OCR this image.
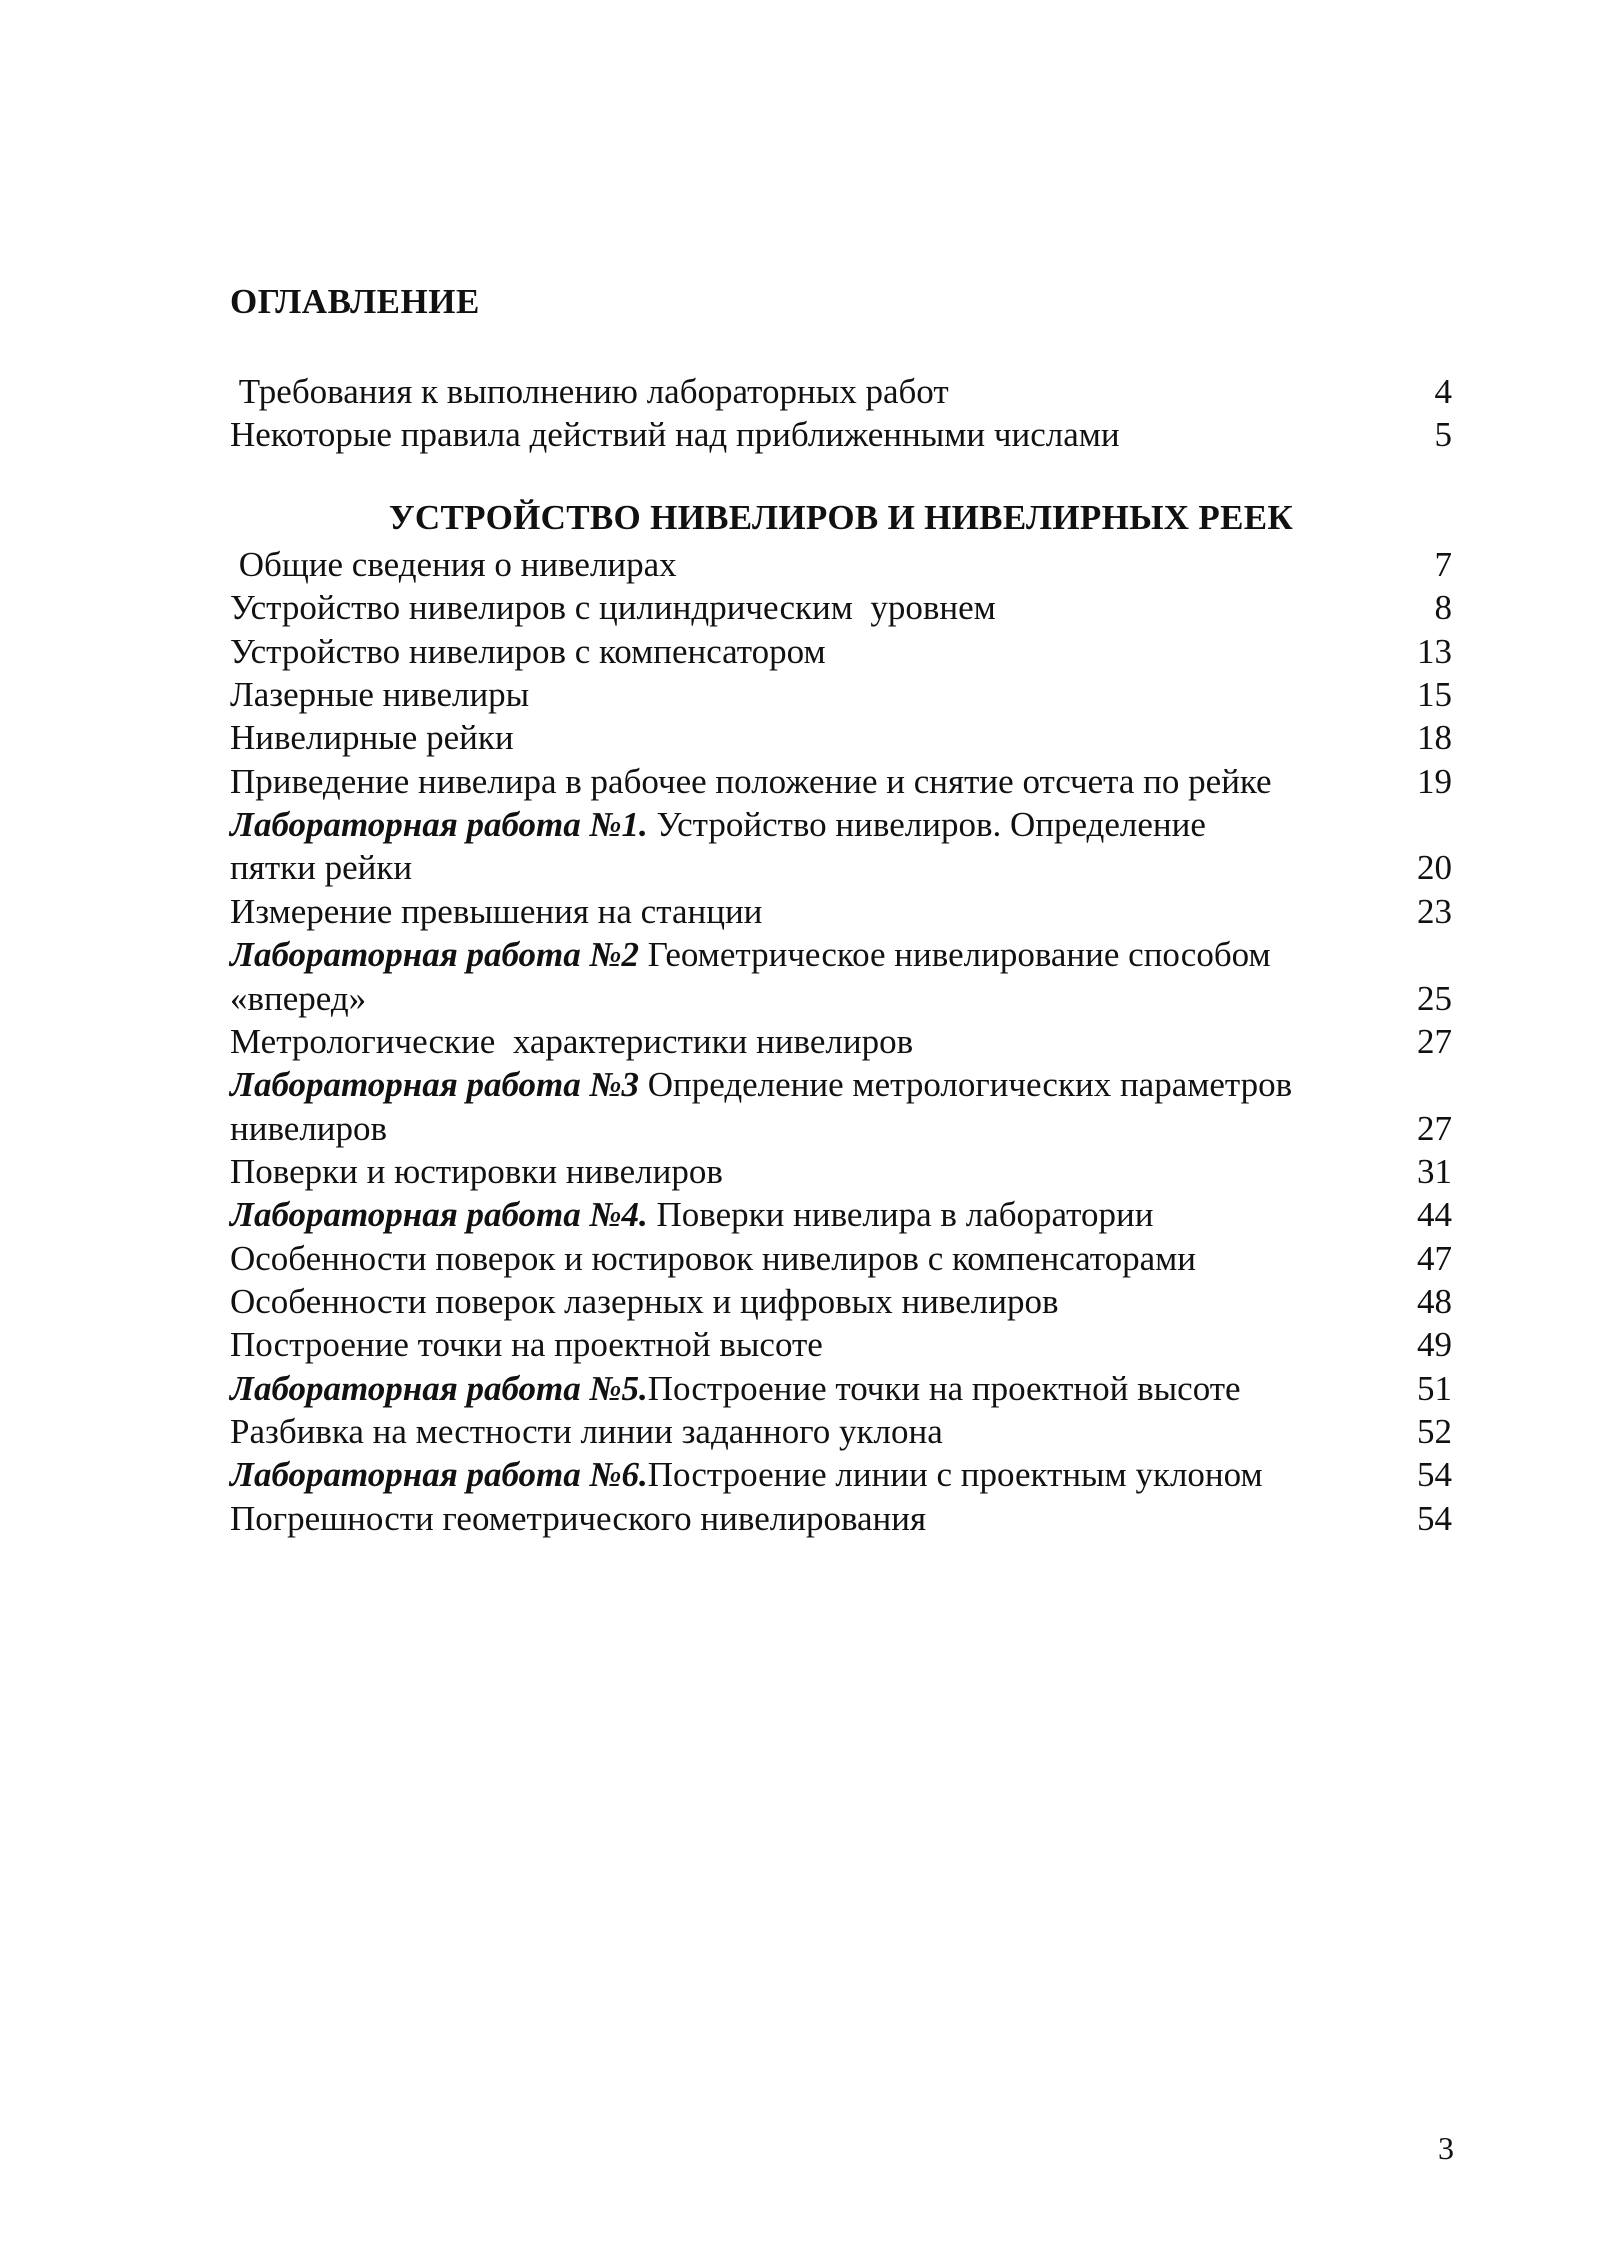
ОГЛАВЛЕНИЕ
УСТРОЙСТВО НИВЕЛИРОВ И НИВЕЛИРНЫХ РЕЕК
Требования к выполнению лабораторных работ	4
Некоторые правила действий над приближенными числами	5
Общие сведения о нивелирах	7
Устройство нивелиров с цилиндрическим  уровнем	8
Устройство нивелиров с компенсатором	13
Лазерные нивелиры	15
Нивелирные рейки	18
Приведение нивелира в рабочее положение и снятие отсчета по рейке	19
Лабораторная работа №1. Устройство нивелиров. Определение
пятки рейки	20
Измерение превышения на станции	23
Лабораторная работа №2 Геометрическое нивелирование способом
«вперед»	25
Метрологические  характеристики нивелиров	27
Лабораторная работа №3 Определение метрологических параметров
нивелиров	27
Поверки и юстировки нивелиров	31
Лабораторная работа №4. Поверки нивелира в лаборатории	44
Особенности поверок и юстировок нивелиров с компенсаторами	47
Особенности поверок лазерных и цифровых нивелиров	48
Построение точки на проектной высоте	49
Лабораторная работа №5.Построение точки на проектной высоте	51
Разбивка на местности линии заданного уклона	52
Лабораторная работа №6.Построение линии с проектным уклоном	54
Погрешности геометрического нивелирования	54
3
